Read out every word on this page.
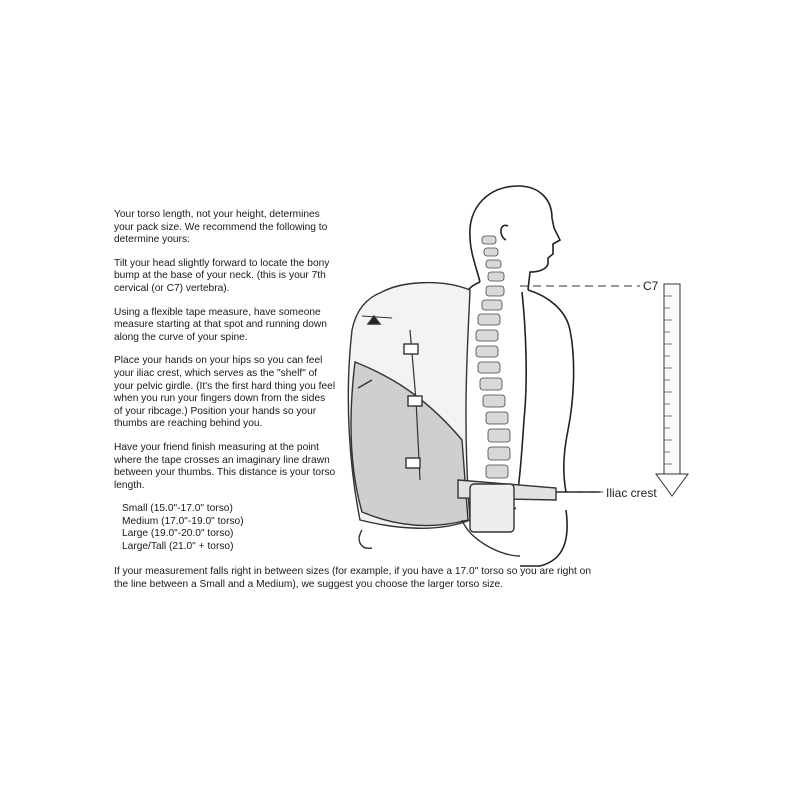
C7
Iliac crest

Your torso length, not your height, determines your pack size. We recommend the following to determine yours:

Tilt your head slightly forward to locate the bony bump at the base of your neck. (this is your 7th cervical (or C7) vertebra).

Using a flexible tape measure, have someone measure starting at that spot and running down along the curve of your spine.

Place your hands on your hips so you can feel your iliac crest, which serves as the "shelf" of your pelvic girdle. (It's the first hard thing you feel when you run your fingers down from the sides of your ribcage.) Position your hands so your thumbs are reaching behind you.

Have your friend finish measuring at the point where the tape crosses an imaginary line drawn between your thumbs. This distance is your torso length.

Small (15.0"-17.0" torso)
Medium (17.0"-19.0" torso)
Large (19.0"-20.0" torso)
Large/Tall (21.0" + torso)

If your measurement falls right in between sizes (for example, if you have a 17.0" torso so you are right on the line between a Small and a Medium), we suggest you choose the larger torso size.
